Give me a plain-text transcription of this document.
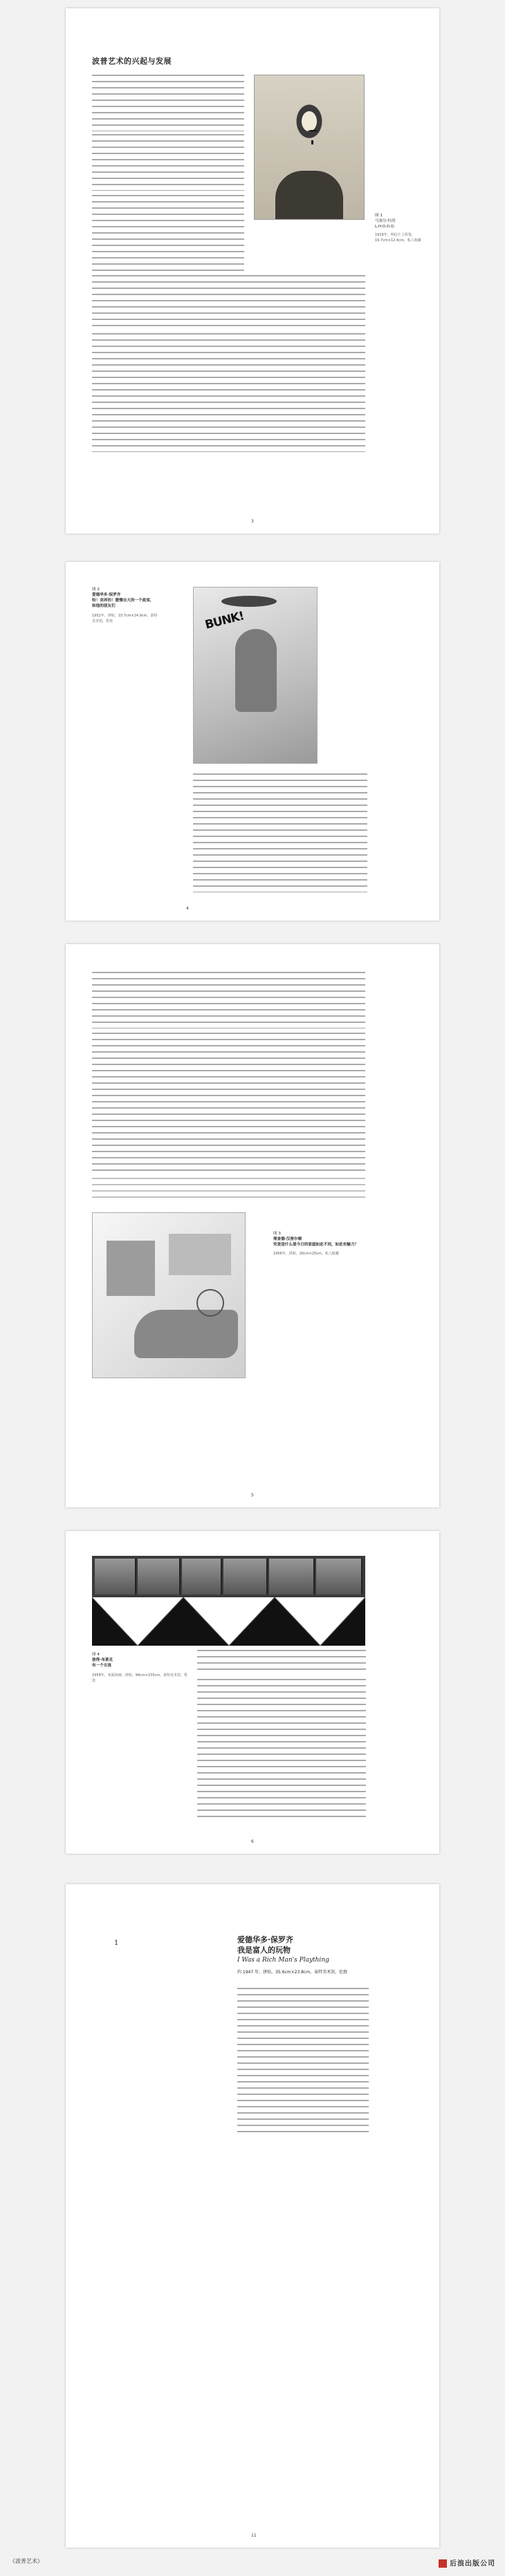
波普艺术的兴起与发展
图 1
马塞尔·杜尚
L.H.O.O.Q.
1919年，明信片上铅笔，19.7cm×12.4cm，私人收藏
3
图 2
爱德华多·保罗齐
哈！卖弄的！傲慢自大的一个政客，和他的朋友们
1952年，拼贴，33.7cm×24.9cm，泰特美术馆，伦敦	BUNK!
4
图 3
理查德·汉密尔顿
究竟是什么使今日的家庭如此不同，如此有魅力？
1956年，拼贴，26cm×25cm，私人收藏
5
图 4
彼得·布莱克
有一个女孩
1959年，布面油画，拼贴，94cm×155cm，泰特美术馆，伦敦
6
1	爱德华多·保罗齐
我是富人的玩物
I Was a Rich Man's Plaything
约 1947 年，拼贴，35.6cm×23.8cm，泰特美术馆，伦敦
11
《波普艺术》	后浪出版公司
